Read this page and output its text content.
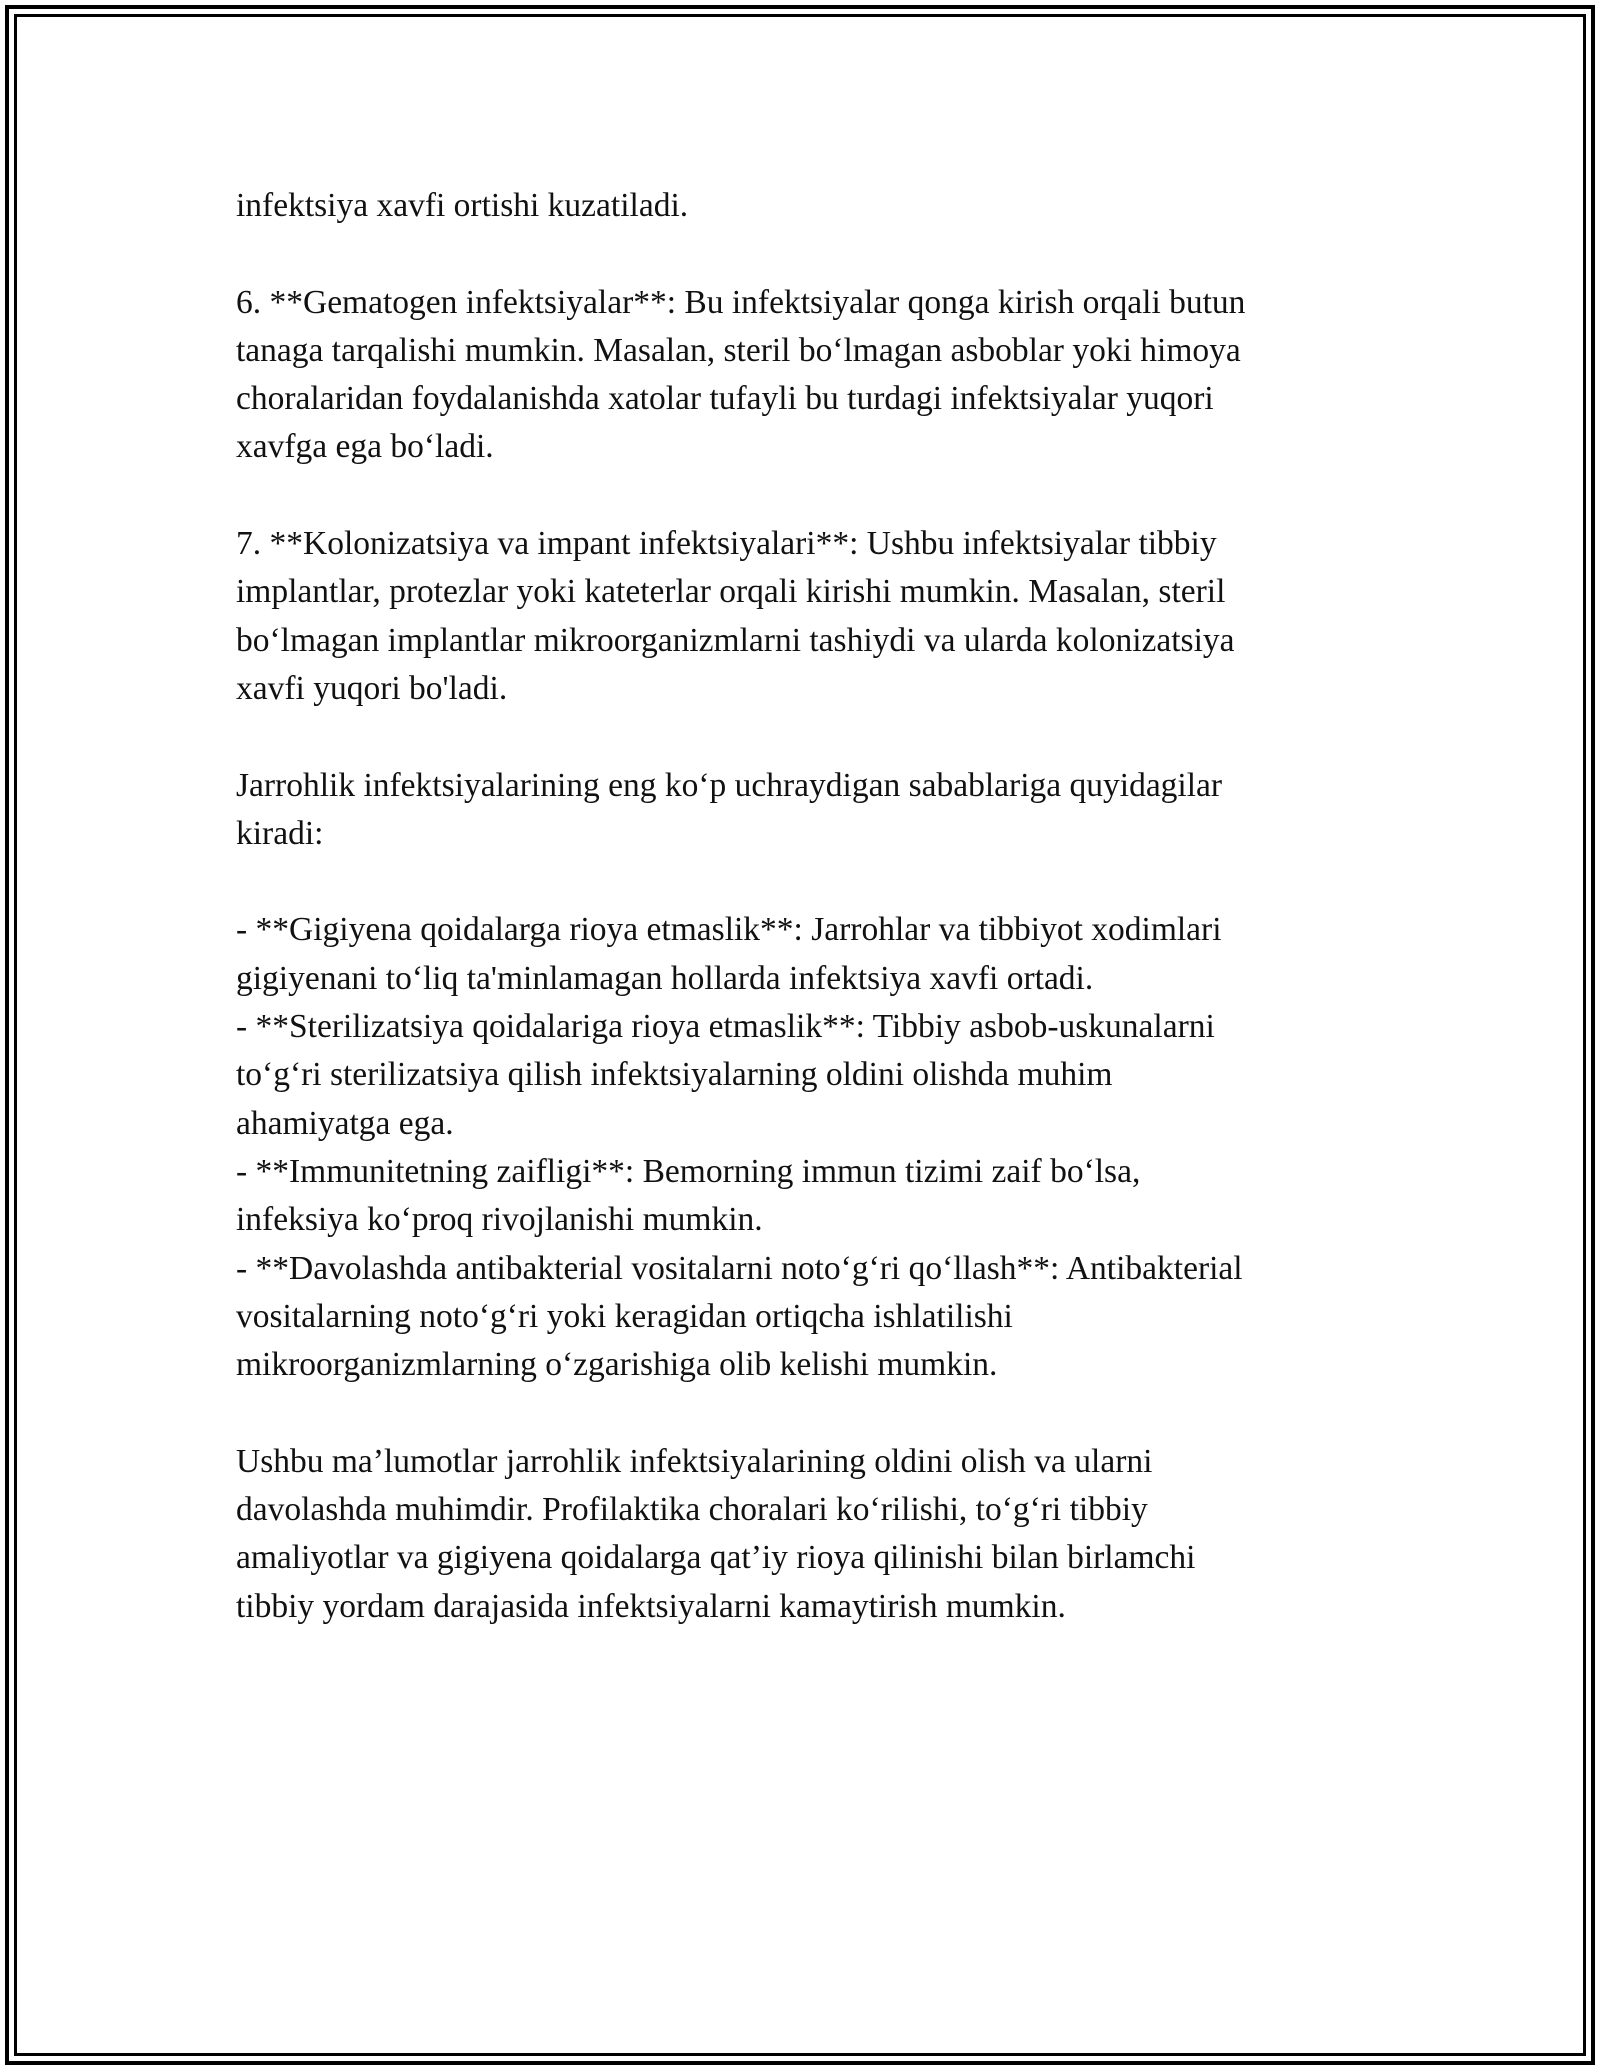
infektsiya xavfi ortishi kuzatiladi.

6. **Gematogen infektsiyalar**: Bu infektsiyalar qonga kirish orqali butun

tanaga tarqalishi mumkin. Masalan, steril bo‘lmagan asboblar yoki himoya

choralaridan foydalanishda xatolar tufayli bu turdagi infektsiyalar yuqori

xavfga ega bo‘ladi.

7. **Kolonizatsiya va impant infektsiyalari**: Ushbu infektsiyalar tibbiy

implantlar, protezlar yoki kateterlar orqali kirishi mumkin. Masalan, steril

bo‘lmagan implantlar mikroorganizmlarni tashiydi va ularda kolonizatsiya

xavfi yuqori bo'ladi.

Jarrohlik infektsiyalarining eng ko‘p uchraydigan sabablariga quyidagilar

kiradi:

- **Gigiyena qoidalarga rioya etmaslik**: Jarrohlar va tibbiyot xodimlari

gigiyenani to‘liq ta'minlamagan hollarda infektsiya xavfi ortadi.

- **Sterilizatsiya qoidalariga rioya etmaslik**: Tibbiy asbob-uskunalarni

to‘g‘ri sterilizatsiya qilish infektsiyalarning oldini olishda muhim

ahamiyatga ega.

- **Immunitetning zaifligi**: Bemorning immun tizimi zaif bo‘lsa,

infeksiya ko‘proq rivojlanishi mumkin.

- **Davolashda antibakterial vositalarni noto‘g‘ri qo‘llash**: Antibakterial

vositalarning noto‘g‘ri yoki keragidan ortiqcha ishlatilishi

mikroorganizmlarning o‘zgarishiga olib kelishi mumkin.

Ushbu ma’lumotlar jarrohlik infektsiyalarining oldini olish va ularni

davolashda muhimdir. Profilaktika choralari ko‘rilishi, to‘g‘ri tibbiy

amaliyotlar va gigiyena qoidalarga qat’iy rioya qilinishi bilan birlamchi

tibbiy yordam darajasida infektsiyalarni kamaytirish mumkin.
